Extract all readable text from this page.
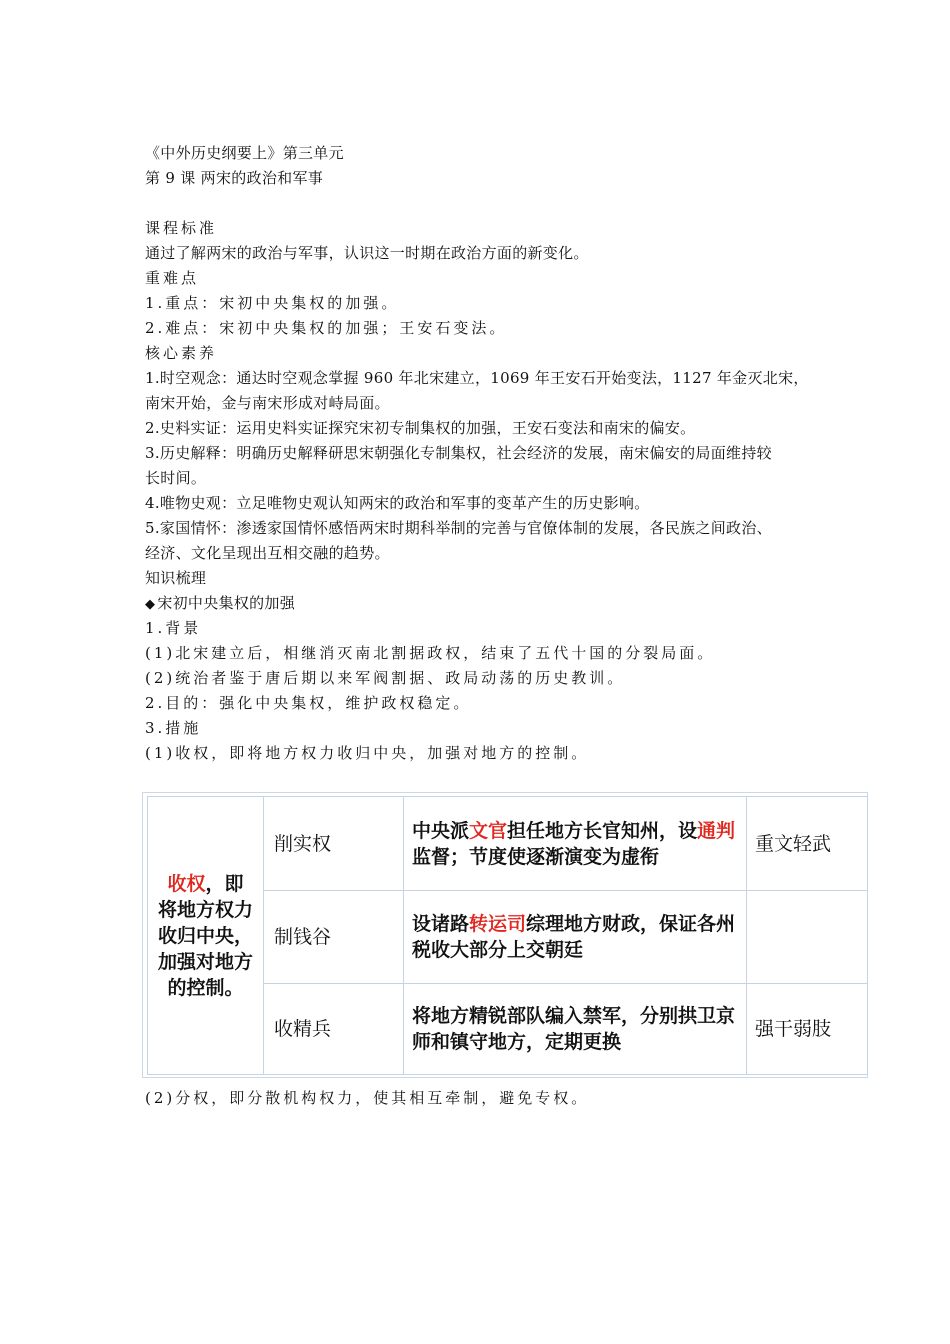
《中外历史纲要上》第三单元
第 9 课 两宋的政治和军事
课程标准
通过了解两宋的政治与军事，认识这一时期在政治方面的新变化。
重难点
1.重点：宋初中央集权的加强。
2.难点：宋初中央集权的加强；王安石变法。
核心素养
1.时空观念：通达时空观念掌握 960 年北宋建立，1069 年王安石开始变法，1127 年金灭北宋，
南宋开始，金与南宋形成对峙局面。
2.史料实证：运用史料实证探究宋初专制集权的加强，王安石变法和南宋的偏安。
3.历史解释：明确历史解释研思宋朝强化专制集权，社会经济的发展，南宋偏安的局面维持较
长时间。
4.唯物史观：立足唯物史观认知两宋的政治和军事的变革产生的历史影响。
5.家国情怀：渗透家国情怀感悟两宋时期科举制的完善与官僚体制的发展，各民族之间政治、
经济、文化呈现出互相交融的趋势。
知识梳理
◆ 宋初中央集权的加强
1.背景
(1)北宋建立后，相继消灭南北割据政权，结束了五代十国的分裂局面。
(2)统治者鉴于唐后期以来军阀割据、政局动荡的历史教训。
2.目的：强化中央集权，维护政权稳定。
3.措施
(1)收权，即将地方权力收归中央，加强对地方的控制。
收权，即将地方权力收归中央，加强对地方的控制。	削实权	中央派文官担任地方长官知州，设通判监督；节度使逐渐演变为虚衔	重文轻武
	制钱谷	设诸路转运司综理地方财政，保证各州税收大部分上交朝廷	
	收精兵	将地方精锐部队编入禁军，分别拱卫京师和镇守地方，定期更换	强干弱肢
(2)分权，即分散机构权力，使其相互牵制，避免专权。
